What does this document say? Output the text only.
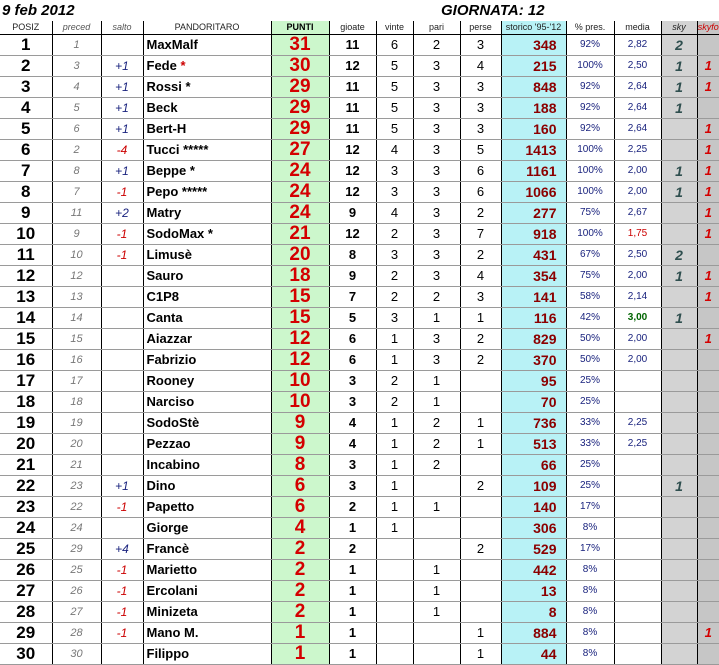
9 feb 2012	GIORNATA: 12
POSIZ	preced	salto	PANDORITARO	PUNTI	gioate	vinte	pari	perse	storico '95-'12	% pres.	media	sky	skyfo
1	1		MaxMalf	31	11	6	2	3	348	92%	2,82	2	
2	3	+1	Fede *	30	12	5	3	4	215	100%	2,50	1	1
3	4	+1	Rossi *	29	11	5	3	3	848	92%	2,64	1	1
4	5	+1	Beck	29	11	5	3	3	188	92%	2,64	1	
5	6	+1	Bert-H	29	11	5	3	3	160	92%	2,64		1
6	2	-4	Tucci *****	27	12	4	3	5	1413	100%	2,25		1
7	8	+1	Beppe *	24	12	3	3	6	1161	100%	2,00	1	1
8	7	-1	Pepo *****	24	12	3	3	6	1066	100%	2,00	1	1
9	11	+2	Matry	24	9	4	3	2	277	75%	2,67		1
10	9	-1	SodoMax *	21	12	2	3	7	918	100%	1,75		1
11	10	-1	Limusè	20	8	3	3	2	431	67%	2,50	2	
12	12		Sauro	18	9	2	3	4	354	75%	2,00	1	1
13	13		C1P8	15	7	2	2	3	141	58%	2,14		1
14	14		Canta	15	5	3	1	1	116	42%	3,00	1	
15	15		Aiazzar	12	6	1	3	2	829	50%	2,00		1
16	16		Fabrizio	12	6	1	3	2	370	50%	2,00		
17	17		Rooney	10	3	2	1		95	25%			
18	18		Narciso	10	3	2	1		70	25%			
19	19		SodoStè	9	4	1	2	1	736	33%	2,25		
20	20		Pezzao	9	4	1	2	1	513	33%	2,25		
21	21		Incabino	8	3	1	2		66	25%			
22	23	+1	Dino	6	3	1		2	109	25%		1	
23	22	-1	Papetto	6	2	1	1		140	17%			
24	24		Giorge	4	1	1			306	8%			
25	29	+4	Francè	2	2			2	529	17%			
26	25	-1	Marietto	2	1		1		442	8%			
27	26	-1	Ercolani	2	1		1		13	8%			
28	27	-1	Minizeta	2	1		1		8	8%			
29	28	-1	Mano M.	1	1			1	884	8%			1
30	30		Filippo	1	1			1	44	8%			
